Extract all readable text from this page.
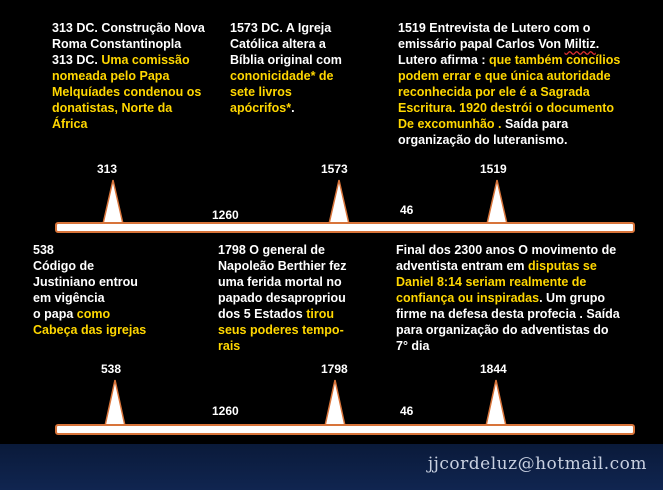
313 DC. Construção Nova
Roma Constantinopla
313 DC. Uma comissão
nomeada pelo Papa
Melquíades condenou os
donatistas, Norte da
África
1573 DC. A Igreja
Católica altera a
Bíblia original com
cononicidade* de
sete livros
apócrifos*.
1519 Entrevista de Lutero com o
emissário papal Carlos Von Miltiz.
Lutero afirma : que também concílios
podem errar e que única autoridade
reconhecida por ele é a Sagrada
Escritura. 1920 destrói o documento
De excomunhão . Saída para
organização do luteranismo.
313	1573	1519
1260	46
538
Código de
Justiniano entrou
em vigência
o papa como
Cabeça das igrejas
1798 O general de
Napoleão Berthier fez
uma ferida mortal no
papado desapropriou
dos 5 Estados tirou
seus poderes tempo-
rais
Final dos 2300 anos O movimento de
adventista entram em disputas se
Daniel 8:14 seriam realmente de
confiança ou inspiradas. Um grupo
firme na defesa desta profecia . Saída
para organização do adventistas do
7° dia
538	1798	1844
1260	46
jjcordeluz@hotmail.com
